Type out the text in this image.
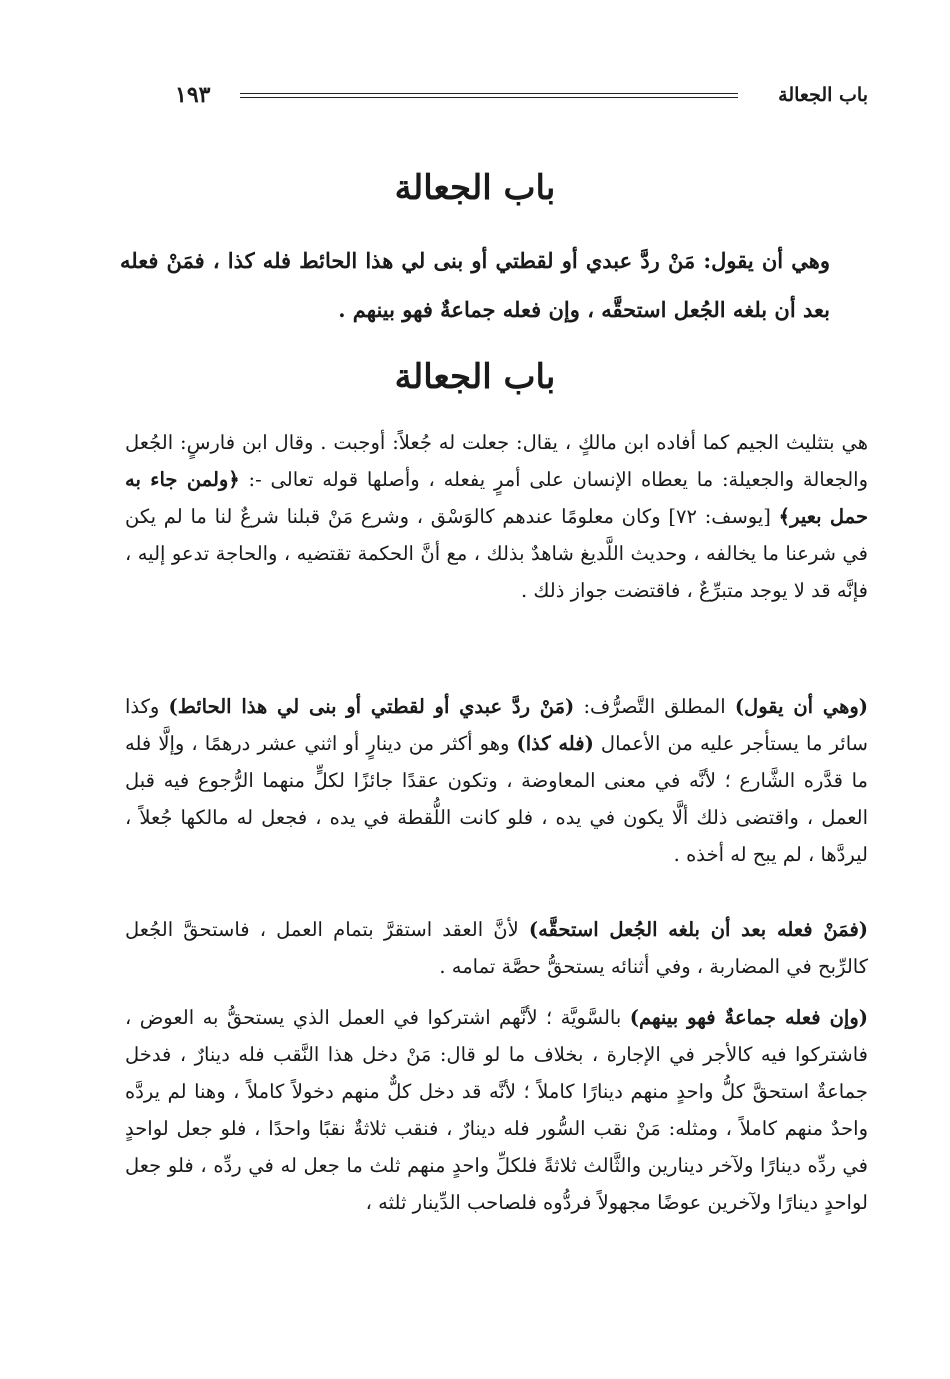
باب الجعالة
١٩٣
باب الجعالة

وهي أن يقول: مَنْ ردَّ عبدي أو لقطتي أو بنى لي هذا الحائط فله كذا ، فمَنْ فعله بعد أن بلغه الجُعل استحقَّه ، وإن فعله جماعةٌ فهو بينهم .

باب الجعالة

هي بتثليث الجيم كما أفاده ابن مالكٍ ، يقال: جعلت له جُعلاً: أوجبت . وقال ابن فارسٍ: الجُعل والجعالة والجعيلة: ما يعطاه الإنسان على أمرٍ يفعله ، وأصلها قوله تعالى -: ﴿ولمن جاء به حمل بعير﴾ [يوسف: ٧٢] وكان معلومًا عندهم كالوَسْق ، وشرع مَنْ قبلنا شرعٌ لنا ما لم يكن في شرعنا ما يخالفه ، وحديث اللَّديغ شاهدٌ بذلك ، مع أنَّ الحكمة تقتضيه ، والحاجة تدعو إليه ، فإنَّه قد لا يوجد متبرِّعٌ ، فاقتضت جواز ذلك .

(وهي أن يقول) المطلق التَّصرُّف: (مَنْ ردَّ عبدي أو لقطتي أو بنى لي هذا الحائط) وكذا سائر ما يستأجر عليه من الأعمال (فله كذا) وهو أكثر من دينارٍ أو اثني عشر درهمًا ، وإلَّا فله ما قدَّره الشَّارع ؛ لأنَّه في معنى المعاوضة ، وتكون عقدًا جائزًا لكلٍّ منهما الرُّجوع فيه قبل العمل ، واقتضى ذلك ألَّا يكون في يده ، فلو كانت اللُّقطة في يده ، فجعل له مالكها جُعلاً ، ليردَّها ، لم يبح له أخذه .

(فمَنْ فعله بعد أن بلغه الجُعل استحقَّه) لأنَّ العقد استقرَّ بتمام العمل ، فاستحقَّ الجُعل كالرِّبح في المضاربة ، وفي أثنائه يستحقُّ حصَّة تمامه .

(وإن فعله جماعةٌ فهو بينهم) بالسَّويَّة ؛ لأنَّهم اشتركوا في العمل الذي يستحقُّ به العوض ، فاشتركوا فيه كالأجر في الإجارة ، بخلاف ما لو قال: مَنْ دخل هذا النَّقب فله دينارٌ ، فدخل جماعةٌ استحقَّ كلُّ واحدٍ منهم دينارًا كاملاً ؛ لأنَّه قد دخل كلٌّ منهم دخولاً كاملاً ، وهنا لم يردَّه واحدٌ منهم كاملاً ، ومثله: مَنْ نقب السُّور فله دينارٌ ، فنقب ثلاثةٌ نقبًا واحدًا ، فلو جعل لواحدٍ في ردِّه دينارًا ولآخر دينارين والثَّالث ثلاثةً فلكلِّ واحدٍ منهم ثلث ما جعل له في ردِّه ، فلو جعل لواحدٍ دينارًا ولآخرين عوضًا مجهولاً فردُّوه فلصاحب الدِّينار ثلثه ،
